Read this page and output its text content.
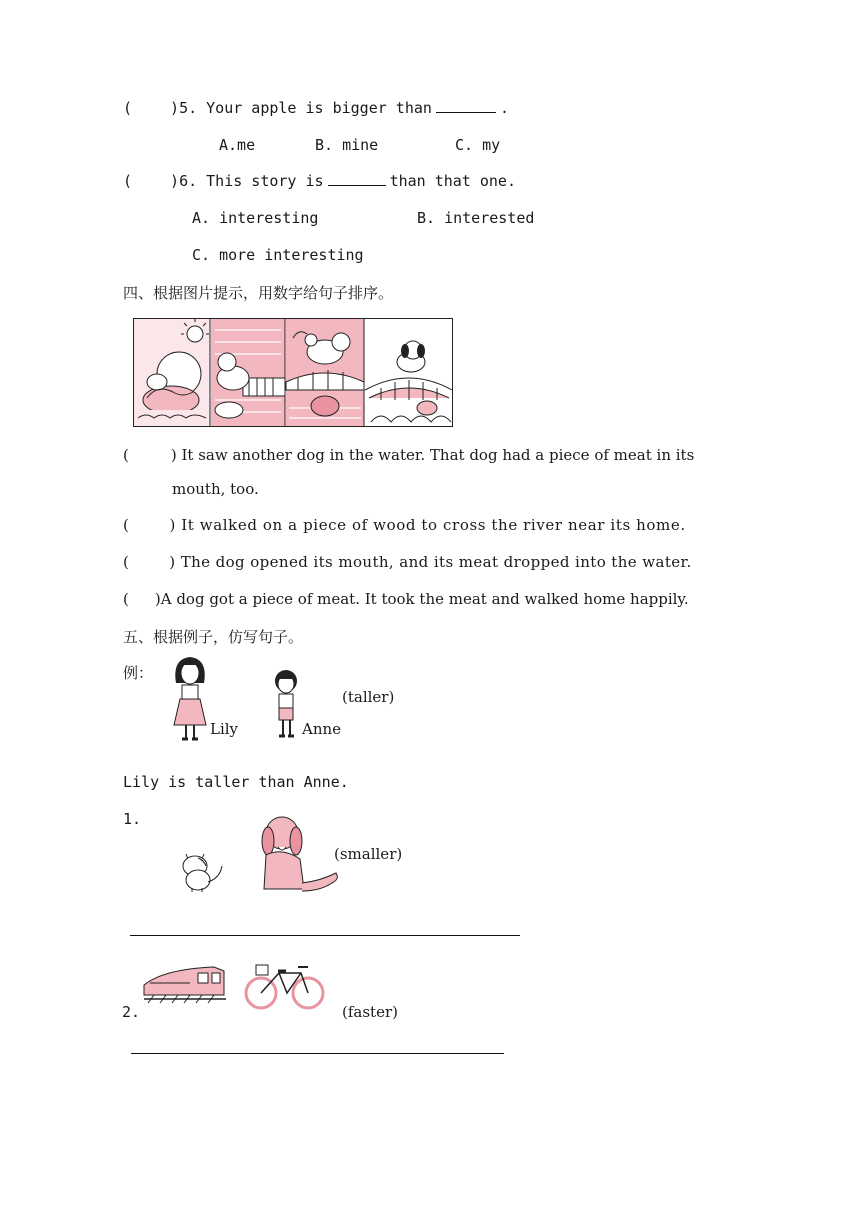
(	)5. Your apple is bigger than	.
A.me	B. mine	C. my
(	)6. This story is	than that one.
A. interesting	B. interested
C. more interesting
四、根据图片提示，用数字给句子排序。
(	) It saw another dog in the water. That dog had a piece of meat in its
mouth, too.
(	) It walked on a piece of wood to cross the river near its home.
(	) The dog opened its mouth, and its meat dropped into the water.
( )A dog got a piece of meat. It took the meat and walked home happily.
五、根据例子，仿写句子。
例：
Lily	Anne
(taller)
Lily is taller than Anne.
1.
(smaller)
2.	(faster)
